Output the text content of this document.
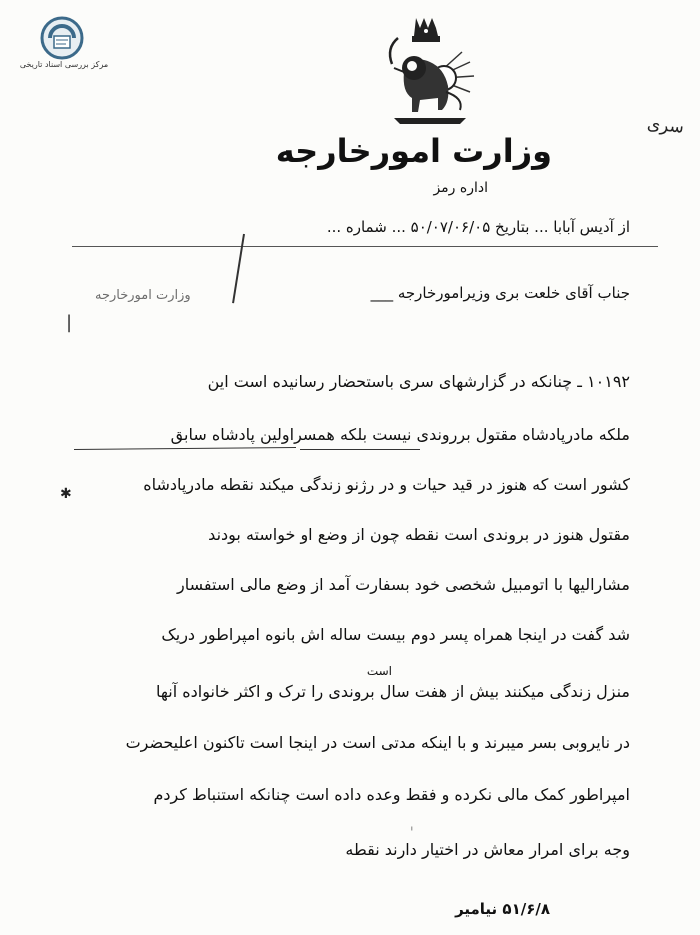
مرکز بررسی اسناد تاریخی
سری
وزارت امورخارجه
اداره رمز
از آدیس آبابا ... بتاریخ ۵۰/۰۷/۰۶/۰۵ ... شماره ...
جناب آقای خلعت بری وزیرامورخارجه ___
وزارت امورخارجه
|
۱۰۱۹۲ ـ چنانکه در گزارشهای سری باستحضار رسانیده است این
ملکه مادرپادشاه مقتول برروندی نیست بلکه همسراولین پادشاه سابق
کشور است که هنوز در قید حیات و در رژنو زندگی میکند نقطه مادرپادشاه
✱
مقتول هنوز در بروندی است نقطه چون از وضع او خواسته بودند
مشارالیها با اتومبیل شخصی خود بسفارت آمد از وضع مالی استفسار
شد گفت در اینجا همراه پسر دوم بیست ساله اش بانوه امپراطور دریک
است
منزل زندگی میکنند بیش از هفت سال بروندی را ترک و اکثر خانواده آنها
در نایروبی بسر میبرند و با اینکه مدتی است در اینجا است تاکنون اعلیحضرت
امپراطور کمک مالی نکرده و فقط وعده داده است چنانکه استنباط کردم
ˡ
وجه برای امرار معاش در اختیار دارند نقطه
۵۱/۶/۸ نیامیر
